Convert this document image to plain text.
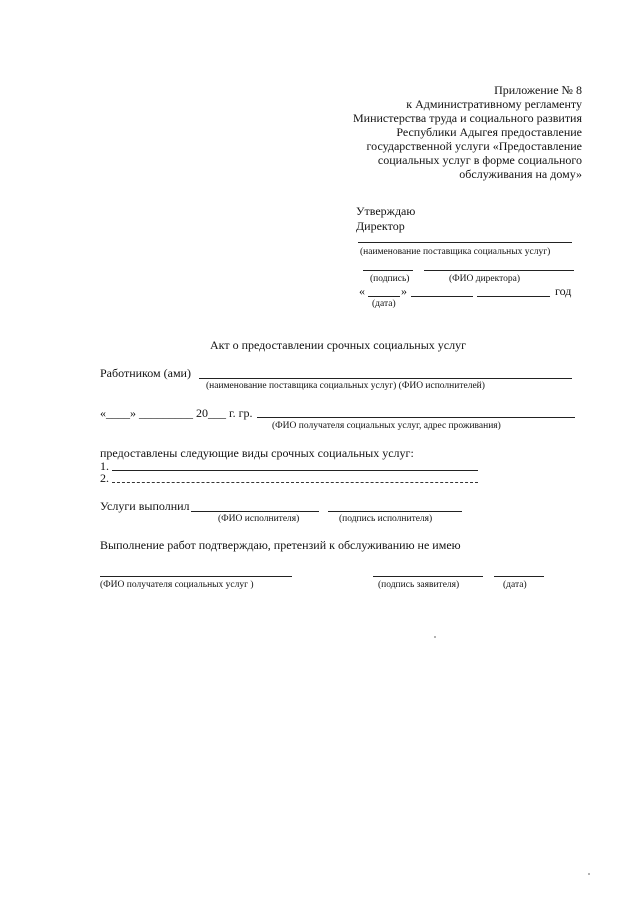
Приложение № 8
к Административному регламенту
Министерства труда и социального развития
Республики Адыгея предоставление
государственной услуги «Предоставление
социальных услуг в форме социального
обслуживания на дому»
Утверждаю
Директор
(наименование поставщика социальных услуг)
(подпись)	(ФИО директора)
«	»	год
(дата)
Акт о предоставлении срочных социальных услуг
Работником (ами)
(наименование поставщика социальных услуг) (ФИО исполнителей)
«____» _________ 20___ г. гр.
(ФИО получателя социальных услуг, адрес проживания)
предоставлены следующие виды срочных социальных услуг:
1.
2.
Услуги выполнил
(ФИО исполнителя)	(подпись исполнителя)
Выполнение работ подтверждаю, претензий к обслуживанию не имею
(ФИО получателя социальных услуг )	(подпись заявителя)	(дата)
